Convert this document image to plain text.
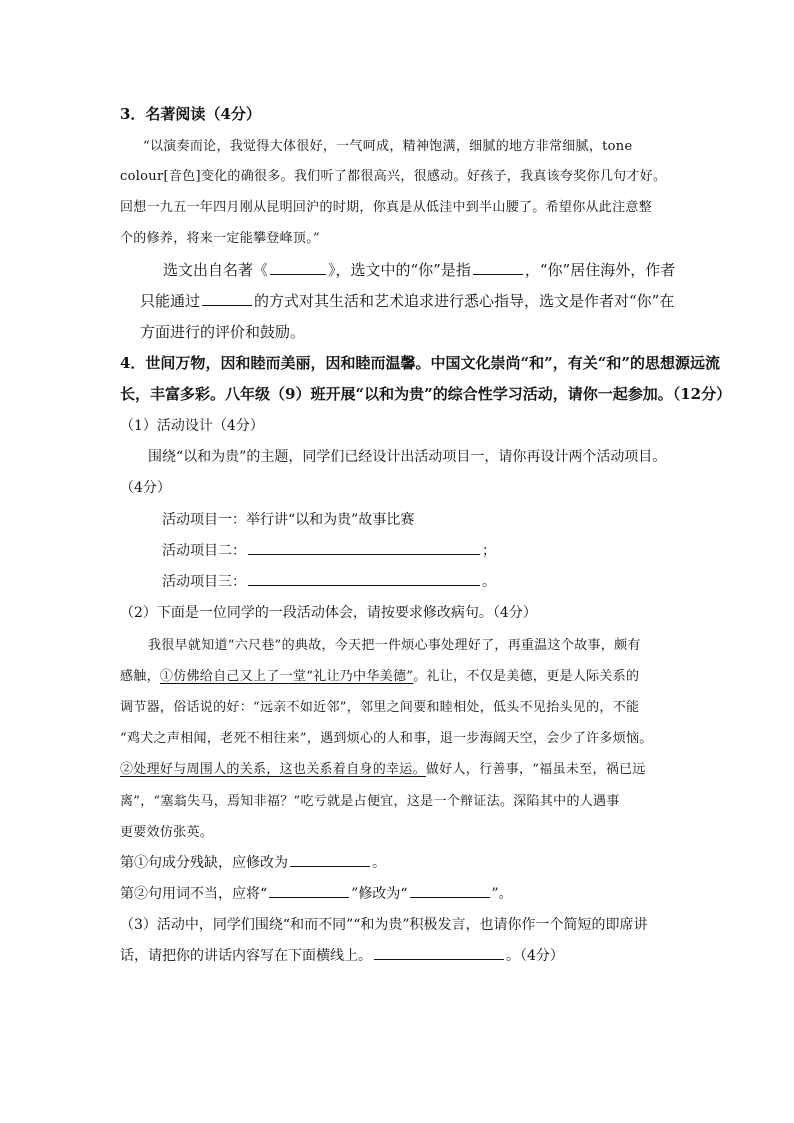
3．名著阅读（4分）
“以演奏而论，我觉得大体很好，一气呵成，精神饱满，细腻的地方非常细腻，tone
colour[音色]变化的确很多。我们听了都很高兴，很感动。好孩子，我真该夸奖你几句才好。
回想一九五一年四月刚从昆明回沪的时期，你真是从低洼中到半山腰了。希望你从此注意整
个的修养，将来一定能攀登峰顶。”
选文出自名著《	》，选文中的“你”是指	，“你”居住海外，作者
只能通过	的方式对其生活和艺术追求进行悉心指导，选文是作者对“你”在
方面进行的评价和鼓励。
4．世间万物，因和睦而美丽，因和睦而温馨。中国文化崇尚“和”，有关“和”的思想源远流
长，丰富多彩。八年级（9）班开展“以和为贵”的综合性学习活动，请你一起参加。（12分）
（1）活动设计（4分）
围绕“以和为贵”的主题，同学们已经设计出活动项目一，请你再设计两个活动项目。
（4分）
活动项目一：举行讲“以和为贵”故事比赛
活动项目二：	；
活动项目三：	。
（2）下面是一位同学的一段活动体会，请按要求修改病句。（4分）
我很早就知道“六尺巷”的典故，今天把一件烦心事处理好了，再重温这个故事，颇有
感触，①仿佛给自己又上了一堂“礼让乃中华美德”。礼让，不仅是美德，更是人际关系的
调节器，俗话说的好：“远亲不如近邻”，邻里之间要和睦相处，低头不见抬头见的，不能
“鸡犬之声相闻，老死不相往来”，遇到烦心的人和事，退一步海阔天空，会少了许多烦恼。
②处理好与周围人的关系，这也关系着自身的幸运。做好人，行善事，“福虽未至，祸已远
离”，“塞翁失马，焉知非福？”吃亏就是占便宜，这是一个辩证法。深陷其中的人遇事
更要效仿张英。
第①句成分残缺，应修改为	。
第②句用词不当，应将“	”修改为“	”。
（3）活动中，同学们围绕“和而不同”“和为贵”积极发言，也请你作一个简短的即席讲
话，请把你的讲话内容写在下面横线上。	。（4分）
